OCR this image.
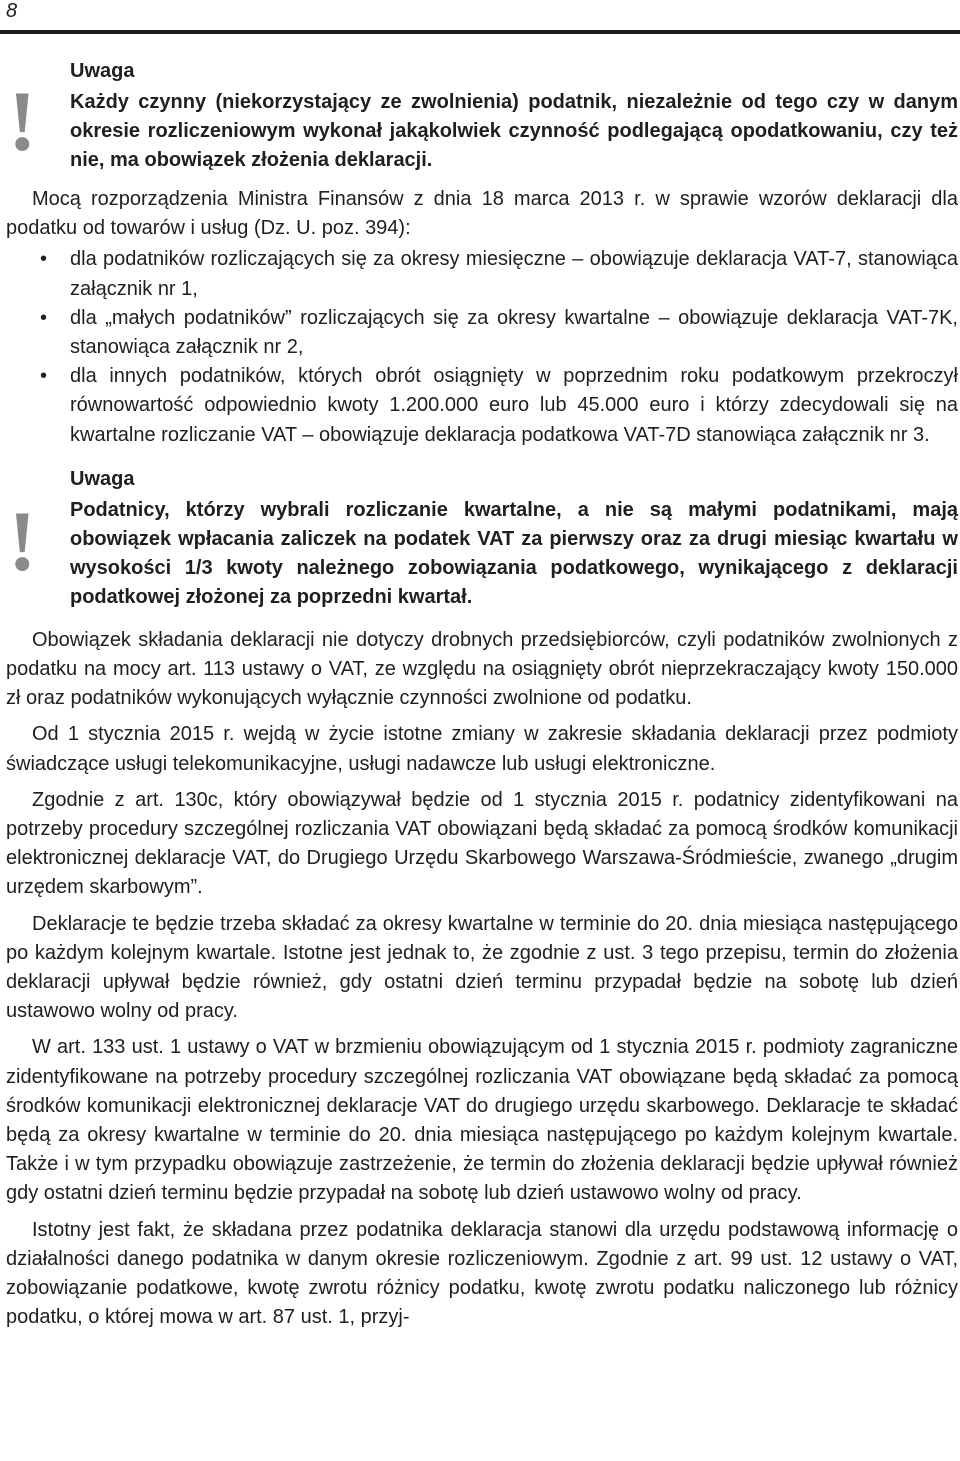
8
!
Uwaga
Każdy czynny (niekorzystający ze zwolnienia) podatnik, niezależnie od tego czy w danym okresie rozliczeniowym wykonał jakąkolwiek czynność podlegającą opodatkowaniu, czy też nie, ma obowiązek złożenia deklaracji.

Mocą rozporządzenia Ministra Finansów z dnia 18 marca 2013 r. w sprawie wzorów deklaracji dla podatku od towarów i usług (Dz. U. poz. 394):

• dla podatników rozliczających się za okresy miesięczne – obowiązuje deklaracja VAT-7, stanowiąca załącznik nr 1,
• dla „małych podatników” rozliczających się za okresy kwartalne – obowiązuje deklaracja VAT-7K, stanowiąca załącznik nr 2,
• dla innych podatników, których obrót osiągnięty w poprzednim roku podatkowym przekroczył równowartość odpowiednio kwoty 1.200.000 euro lub 45.000 euro i którzy zdecydowali się na kwartalne rozliczanie VAT – obowiązuje deklaracja podatkowa VAT-7D stanowiąca załącznik nr 3.
!
Uwaga
Podatnicy, którzy wybrali rozliczanie kwartalne, a nie są małymi podatnikami, mają obowiązek wpłacania zaliczek na podatek VAT za pierwszy oraz za drugi miesiąc kwartału w wysokości 1/3 kwoty należnego zobowiązania podatkowego, wynikającego z deklaracji podatkowej złożonej za poprzedni kwartał.

Obowiązek składania deklaracji nie dotyczy drobnych przedsiębiorców, czyli podatników zwolnionych z podatku na mocy art. 113 ustawy o VAT, ze względu na osiągnięty obrót nieprzekraczający kwoty 150.000 zł oraz podatników wykonujących wyłącznie czynności zwolnione od podatku.

Od 1 stycznia 2015 r. wejdą w życie istotne zmiany w zakresie składania deklaracji przez podmioty świadczące usługi telekomunikacyjne, usługi nadawcze lub usługi elektroniczne.

Zgodnie z art. 130c, który obowiązywał będzie od 1 stycznia 2015 r. podatnicy zidentyfikowani na potrzeby procedury szczególnej rozliczania VAT obowiązani będą składać za pomocą środków komunikacji elektronicznej deklaracje VAT, do Drugiego Urzędu Skarbowego Warszawa-Śródmieście, zwanego „drugim urzędem skarbowym”.

Deklaracje te będzie trzeba składać za okresy kwartalne w terminie do 20. dnia miesiąca następującego po każdym kolejnym kwartale. Istotne jest jednak to, że zgodnie z ust. 3 tego przepisu, termin do złożenia deklaracji upływał będzie również, gdy ostatni dzień terminu przypadał będzie na sobotę lub dzień ustawowo wolny od pracy.

W art. 133 ust. 1 ustawy o VAT w brzmieniu obowiązującym od 1 stycznia 2015 r. podmioty zagraniczne zidentyfikowane na potrzeby procedury szczególnej rozliczania VAT obowiązane będą składać za pomocą środków komunikacji elektronicznej deklaracje VAT do drugiego urzędu skarbowego. Deklaracje te składać będą za okresy kwartalne w terminie do 20. dnia miesiąca następującego po każdym kolejnym kwartale. Także i w tym przypadku obowiązuje zastrzeżenie, że termin do złożenia deklaracji będzie upływał również gdy ostatni dzień terminu będzie przypadał na sobotę lub dzień ustawowo wolny od pracy.

Istotny jest fakt, że składana przez podatnika deklaracja stanowi dla urzędu podstawową informację o działalności danego podatnika w danym okresie rozliczeniowym. Zgodnie z art. 99 ust. 12 ustawy o VAT, zobowiązanie podatkowe, kwotę zwrotu różnicy podatku, kwotę zwrotu podatku naliczonego lub różnicy podatku, o której mowa w art. 87 ust. 1, przyj-
